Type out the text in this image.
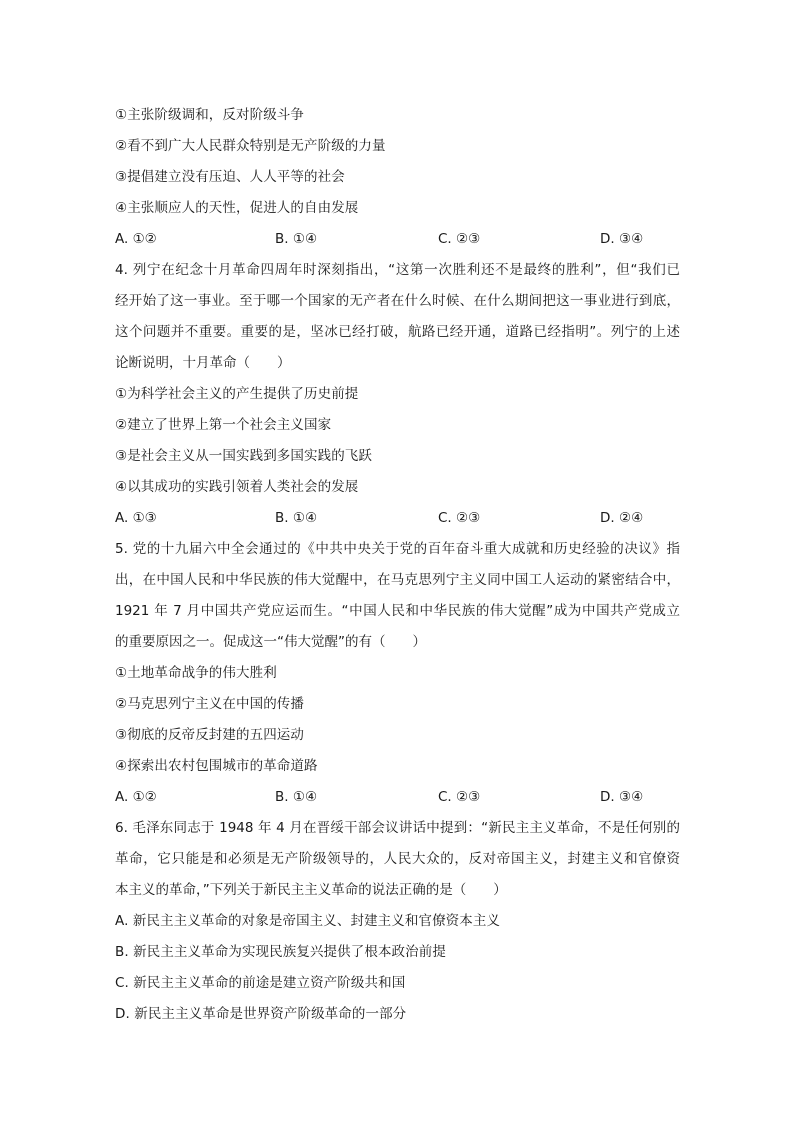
①主张阶级调和，反对阶级斗争
②看不到广大人民群众特别是无产阶级的力量
③提倡建立没有压迫、人人平等的社会
④主张顺应人的天性，促进人的自由发展
A. ①②	B. ①④	C. ②③	D. ③④
4. 列宁在纪念十月革命四周年时深刻指出，“这第一次胜利还不是最终的胜利”，但“我们已
经开始了这一事业。至于哪一个国家的无产者在什么时候、在什么期间把这一事业进行到底，
这个问题并不重要。重要的是，坚冰已经打破，航路已经开通，道路已经指明”。列宁的上述
论断说明，十月革命（　　）
①为科学社会主义的产生提供了历史前提
②建立了世界上第一个社会主义国家
③是社会主义从一国实践到多国实践的飞跃
④以其成功的实践引领着人类社会的发展
A. ①③	B. ①④	C. ②③	D. ②④
5. 党的十九届六中全会通过的《中共中央关于党的百年奋斗重大成就和历史经验的决议》指
出，在中国人民和中华民族的伟大觉醒中，在马克思列宁主义同中国工人运动的紧密结合中，
1921 年 7 月中国共产党应运而生。“中国人民和中华民族的伟大觉醒”成为中国共产党成立
的重要原因之一。促成这一“伟大觉醒”的有（　　）
①土地革命战争的伟大胜利
②马克思列宁主义在中国的传播
③彻底的反帝反封建的五四运动
④探索出农村包围城市的革命道路
A. ①②	B. ①④	C. ②③	D. ③④
6. 毛泽东同志于 1948 年 4 月在晋绥干部会议讲话中提到：“新民主主义革命，不是任何别的
革命，它只能是和必须是无产阶级领导的，人民大众的，反对帝国主义，封建主义和官僚资
本主义的革命，”下列关于新民主主义革命的说法正确的是（　　）
A. 新民主主义革命的对象是帝国主义、封建主义和官僚资本主义
B. 新民主主义革命为实现民族复兴提供了根本政治前提
C. 新民主主义革命的前途是建立资产阶级共和国
D. 新民主主义革命是世界资产阶级革命的一部分
